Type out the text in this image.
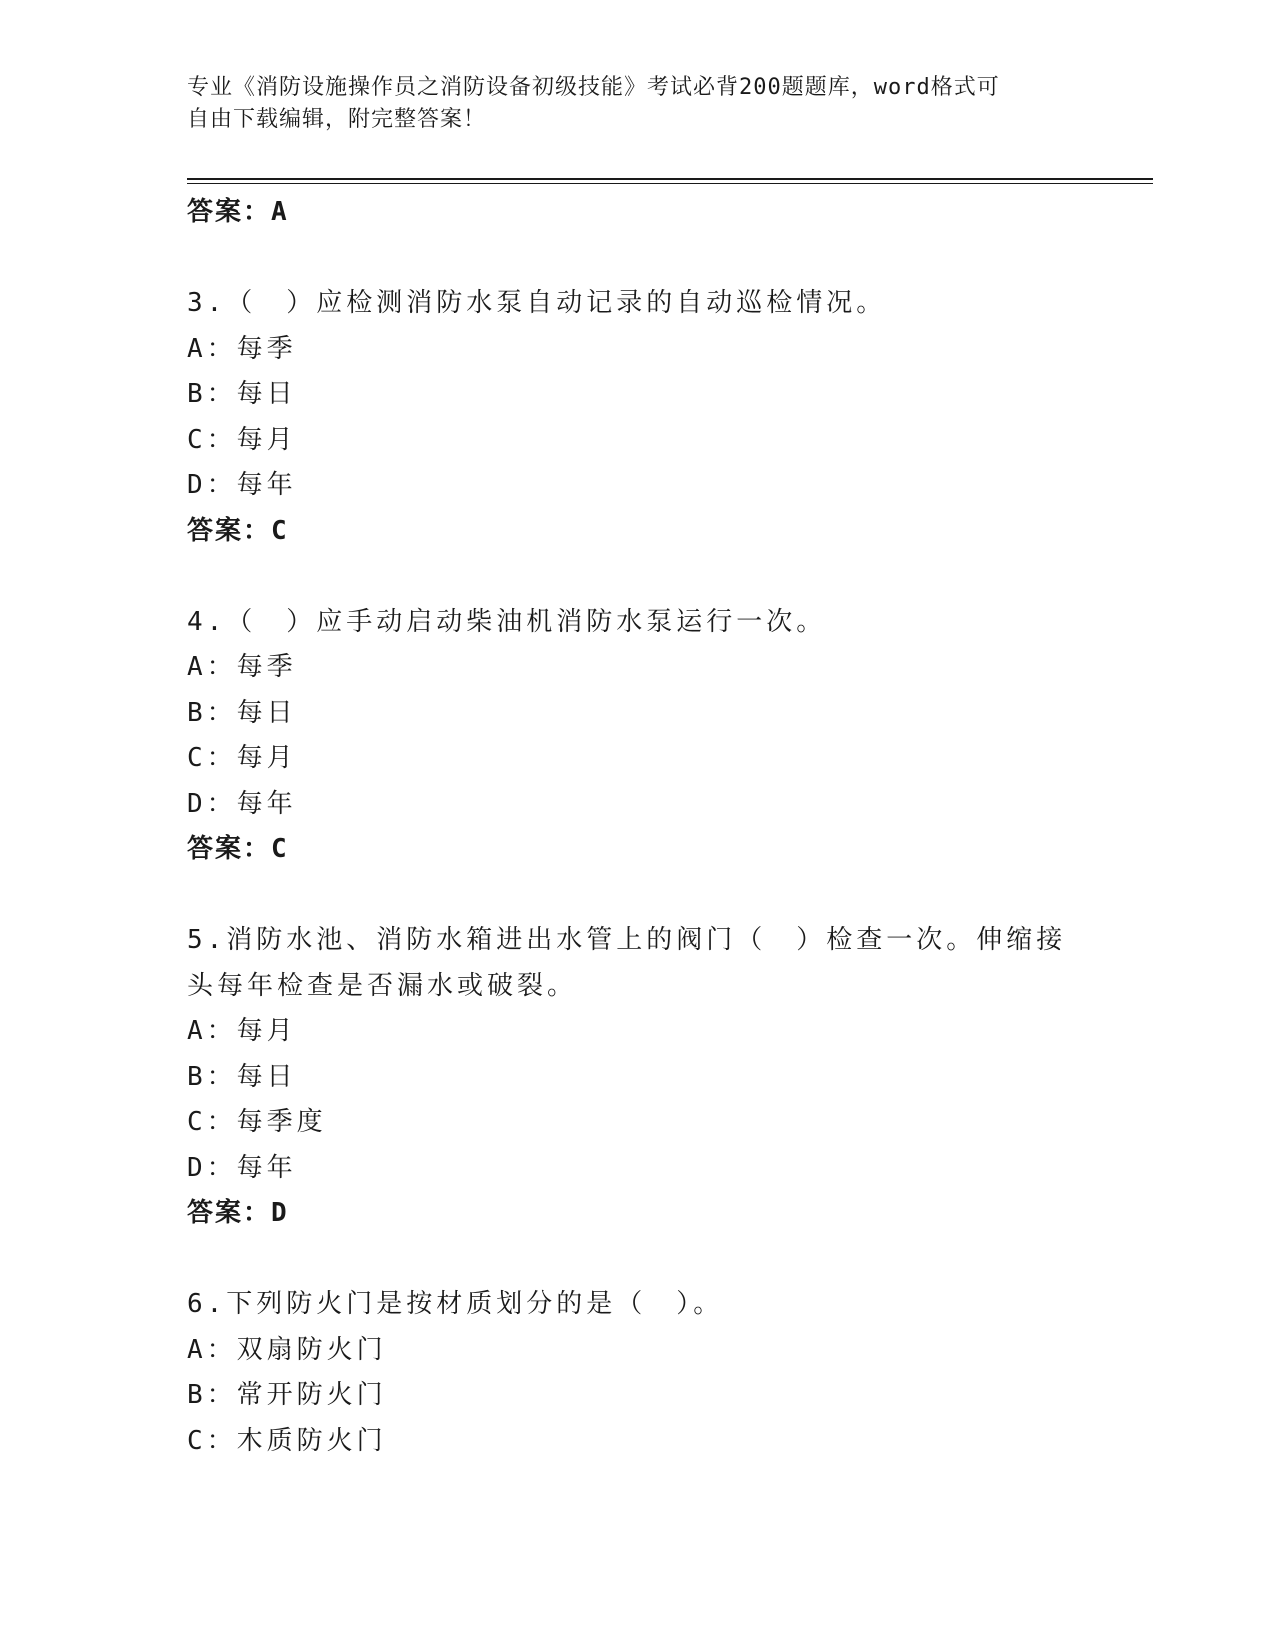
专业《消防设施操作员之消防设备初级技能》考试必背200题题库，word格式可
自由下载编辑，附完整答案！
答案：A
3.（　）应检测消防水泵自动记录的自动巡检情况。
A：每季
B：每日
C：每月
D：每年
答案：C
4.（　）应手动启动柴油机消防水泵运行一次。
A：每季
B：每日
C：每月
D：每年
答案：C
5.消防水池、消防水箱进出水管上的阀门（　）检查一次。伸缩接头每年检查是否漏水或破裂。
A：每月
B：每日
C：每季度
D：每年
答案：D
6.下列防火门是按材质划分的是（　）。
A：双扇防火门
B：常开防火门
C：木质防火门
